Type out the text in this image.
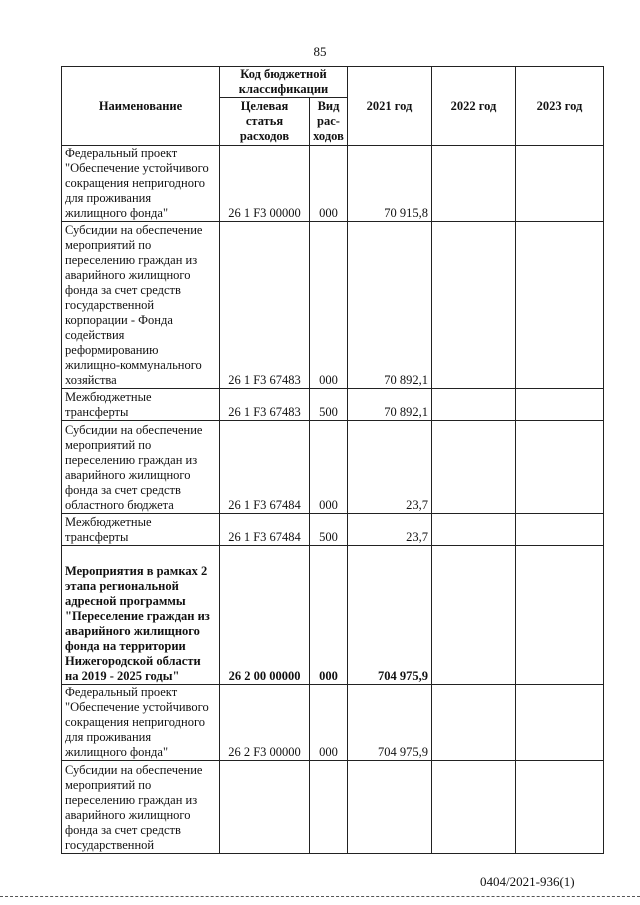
85
Наименование	Код бюджетной классификации		2021 год	2022 год	2023 год
	Целевая статья расходов	Вид рас-ходов			
Федеральный проект "Обеспечение устойчивого сокращения непригодного для проживания жилищного фонда"	26 1 F3 00000	000	70 915,8		
Субсидии на обеспечение мероприятий по переселению граждан из аварийного жилищного фонда за счет средств государственной корпорации - Фонда содействия реформированию жилищно-коммунального хозяйства	26 1 F3 67483	000	70 892,1		
Межбюджетные трансферты	26 1 F3 67483	500	70 892,1		
Субсидии на обеспечение мероприятий по переселению граждан из аварийного жилищного фонда за счет средств областного бюджета	26 1 F3 67484	000	23,7		
Межбюджетные трансферты	26 1 F3 67484	500	23,7		
Мероприятия в рамках 2 этапа региональной адресной программы "Переселение граждан из аварийного жилищного фонда на территории Нижегородской области на 2019 - 2025 годы"	26 2 00 00000	000	704 975,9		
Федеральный проект "Обеспечение устойчивого сокращения непригодного для проживания жилищного фонда"	26 2 F3 00000	000	704 975,9		
Субсидии на обеспечение мероприятий по переселению граждан из аварийного жилищного фонда за счет средств государственной					
0404/2021-936(1)
